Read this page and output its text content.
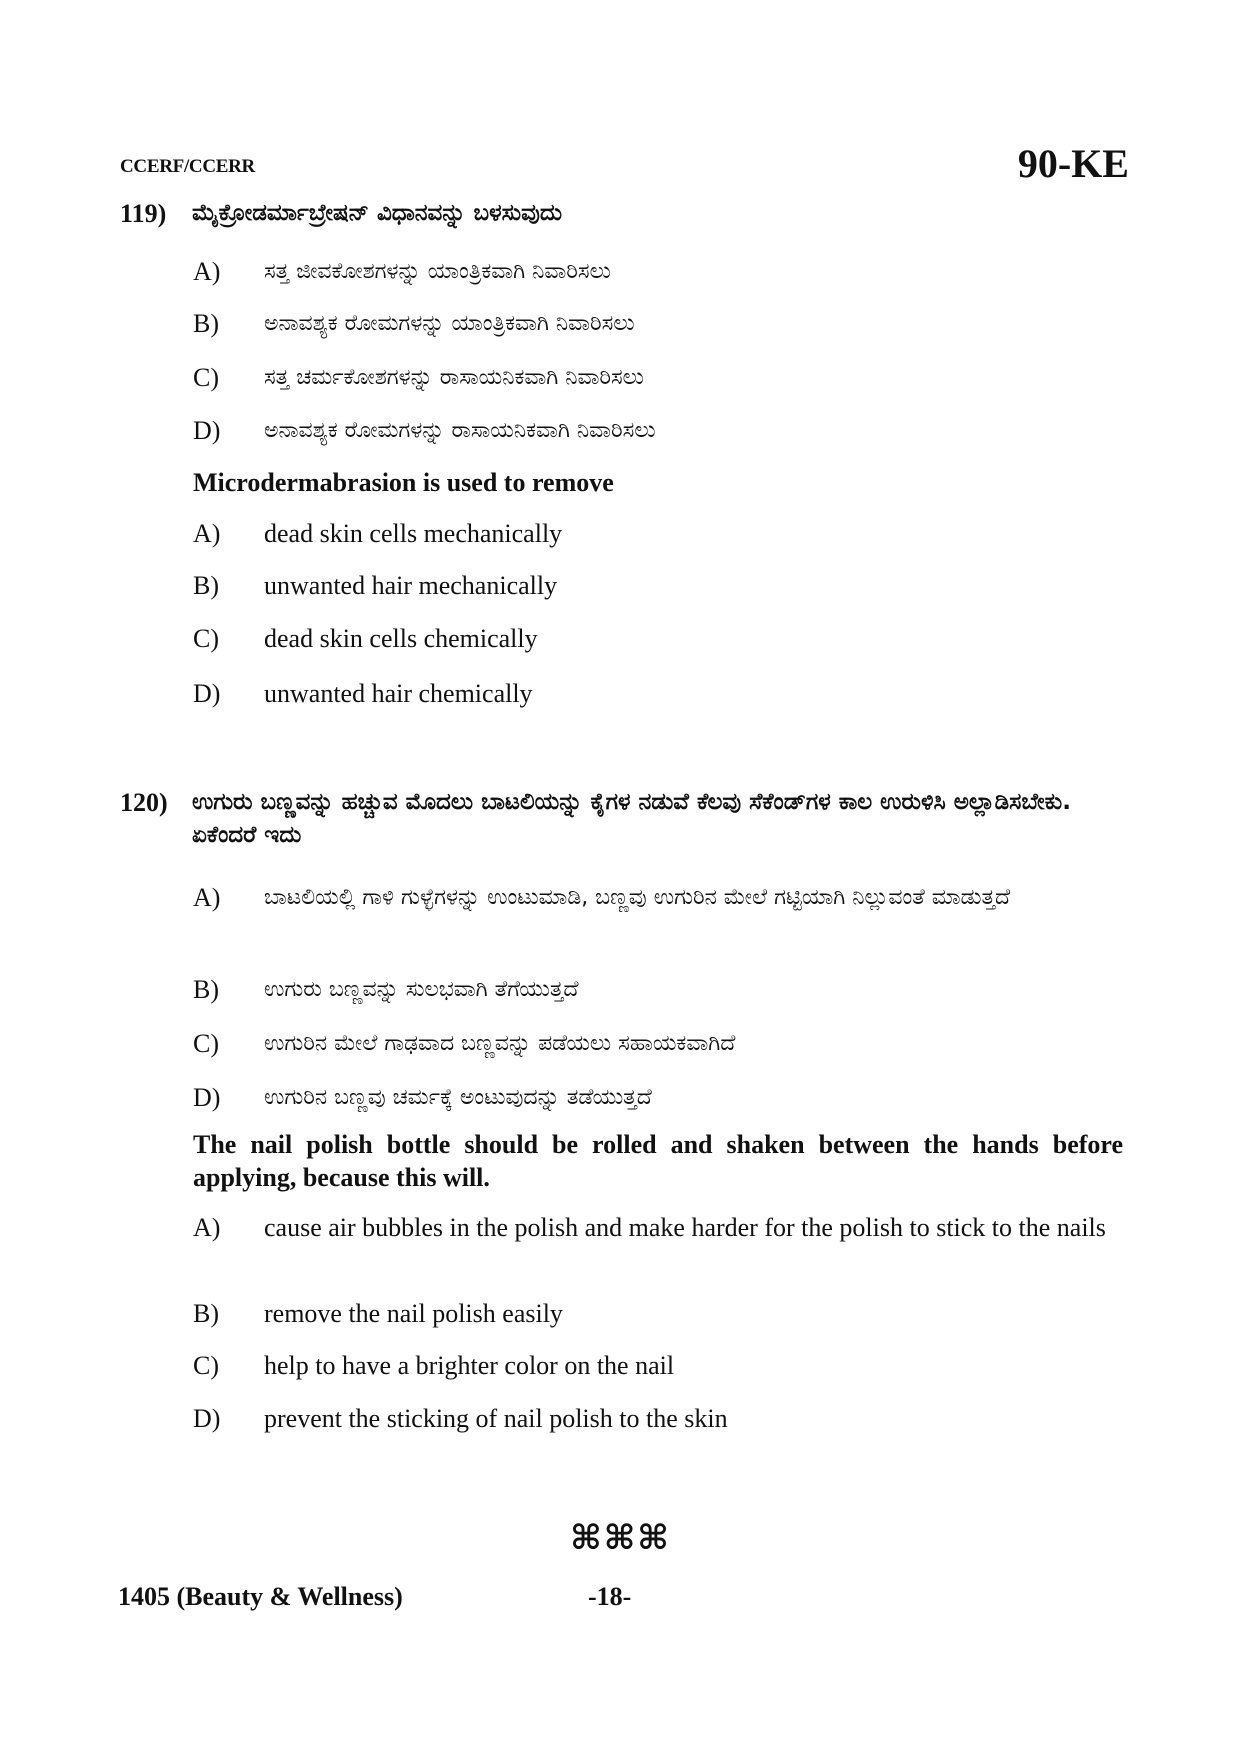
CCERF/CCERR	90-KE
119)	ಮೈಕ್ರೋಡರ್ಮಾಬ್ರೇಷನ್ ವಿಧಾನವನ್ನು ಬಳಸುವುದು
A)	ಸತ್ತ ಜೀವಕೋಶಗಳನ್ನು ಯಾಂತ್ರಿಕವಾಗಿ ನಿವಾರಿಸಲು
B)	ಅನಾವಶ್ಯಕ ರೋಮಗಳನ್ನು ಯಾಂತ್ರಿಕವಾಗಿ ನಿವಾರಿಸಲು
C)	ಸತ್ತ ಚರ್ಮಕೋಶಗಳನ್ನು ರಾಸಾಯನಿಕವಾಗಿ ನಿವಾರಿಸಲು
D)	ಅನಾವಶ್ಯಕ ರೋಮಗಳನ್ನು ರಾಸಾಯನಿಕವಾಗಿ ನಿವಾರಿಸಲು
Microdermabrasion is used to remove
A)	dead skin cells mechanically
B)	unwanted hair mechanically
C)	dead skin cells chemically
D)	unwanted hair chemically
120)	ಉಗುರು ಬಣ್ಣವನ್ನು ಹಚ್ಚುವ ಮೊದಲು ಬಾಟಲಿಯನ್ನು ಕೈಗಳ ನಡುವೆ ಕೆಲವು ಸೆಕೆಂಡ್‌ಗಳ ಕಾಲ ಉರುಳಿಸಿ ಅಲ್ಲಾಡಿಸಬೇಕು. ಏಕೆಂದರೆ ಇದು
A)	ಬಾಟಲಿಯಲ್ಲಿ ಗಾಳಿ ಗುಳ್ಳೆಗಳನ್ನು ಉಂಟುಮಾಡಿ, ಬಣ್ಣವು ಉಗುರಿನ ಮೇಲೆ ಗಟ್ಟಿಯಾಗಿ ನಿಲ್ಲುವಂತೆ ಮಾಡುತ್ತದೆ
B)	ಉಗುರು ಬಣ್ಣವನ್ನು ಸುಲಭವಾಗಿ ತೆಗೆಯುತ್ತದೆ
C)	ಉಗುರಿನ ಮೇಲೆ ಗಾಢವಾದ ಬಣ್ಣವನ್ನು ಪಡೆಯಲು ಸಹಾಯಕವಾಗಿದೆ
D)	ಉಗುರಿನ ಬಣ್ಣವು ಚರ್ಮಕ್ಕೆ ಅಂಟುವುದನ್ನು ತಡೆಯುತ್ತದೆ
The nail polish bottle should be rolled and shaken between the hands before applying, because this will.
A)	cause air bubbles in the polish and make harder for the polish to stick to the nails
B)	remove the nail polish easily
C)	help to have a brighter color on the nail
D)	prevent the sticking of nail polish to the skin
⌘⌘⌘
1405 (Beauty & Wellness)	-18-
